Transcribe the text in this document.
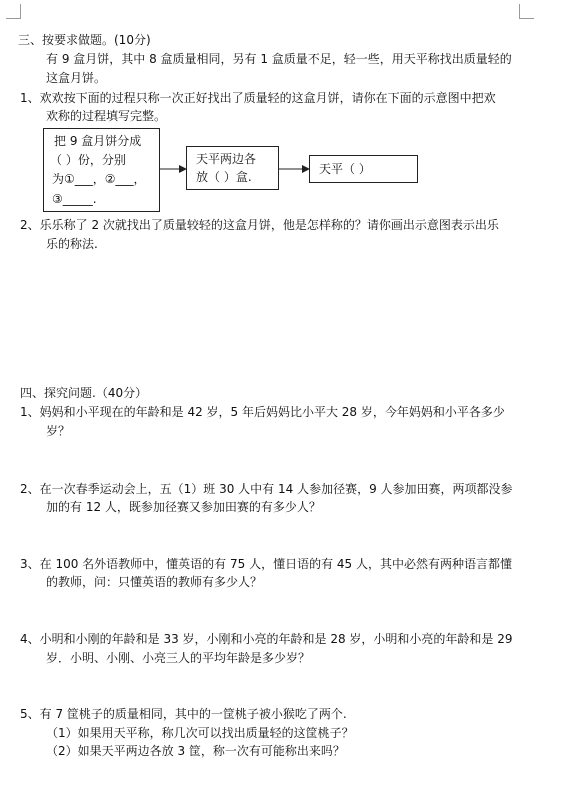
三、按要求做题。(10分)
有 9 盒月饼，其中 8 盒质量相同，另有 1 盒质量不足，轻一些，用天平称找出质量轻的
这盒月饼。
1、欢欢按下面的过程只称一次正好找出了质量轻的这盒月饼，请你在下面的示意图中把欢
欢称的过程填写完整。
把 9 盒月饼分成
（ ）份，分别
为①___，②___，
③_____.
天平两边各
放（ ）盒.
天平（ ）
2、乐乐称了 2 次就找出了质量较轻的这盒月饼，他是怎样称的？请你画出示意图表示出乐
乐的称法.
四、探究问题.（40分）
1、妈妈和小平现在的年龄和是 42 岁，5 年后妈妈比小平大 28 岁，今年妈妈和小平各多少
岁？
2、在一次春季运动会上，五（1）班 30 人中有 14 人参加径赛，9 人参加田赛，两项都没参
加的有 12 人，既参加径赛又参加田赛的有多少人？
3、在 100 名外语教师中，懂英语的有 75 人，懂日语的有 45 人，其中必然有两种语言都懂
的教师，问：只懂英语的教师有多少人？
4、小明和小刚的年龄和是 33 岁，小刚和小亮的年龄和是 28 岁，小明和小亮的年龄和是 29
岁．小明、小刚、小亮三人的平均年龄是多少岁？
5、有 7 筐桃子的质量相同，其中的一筐桃子被小猴吃了两个.
（1）如果用天平称，称几次可以找出质量轻的这筐桃子？
（2）如果天平两边各放 3 筐，称一次有可能称出来吗？
